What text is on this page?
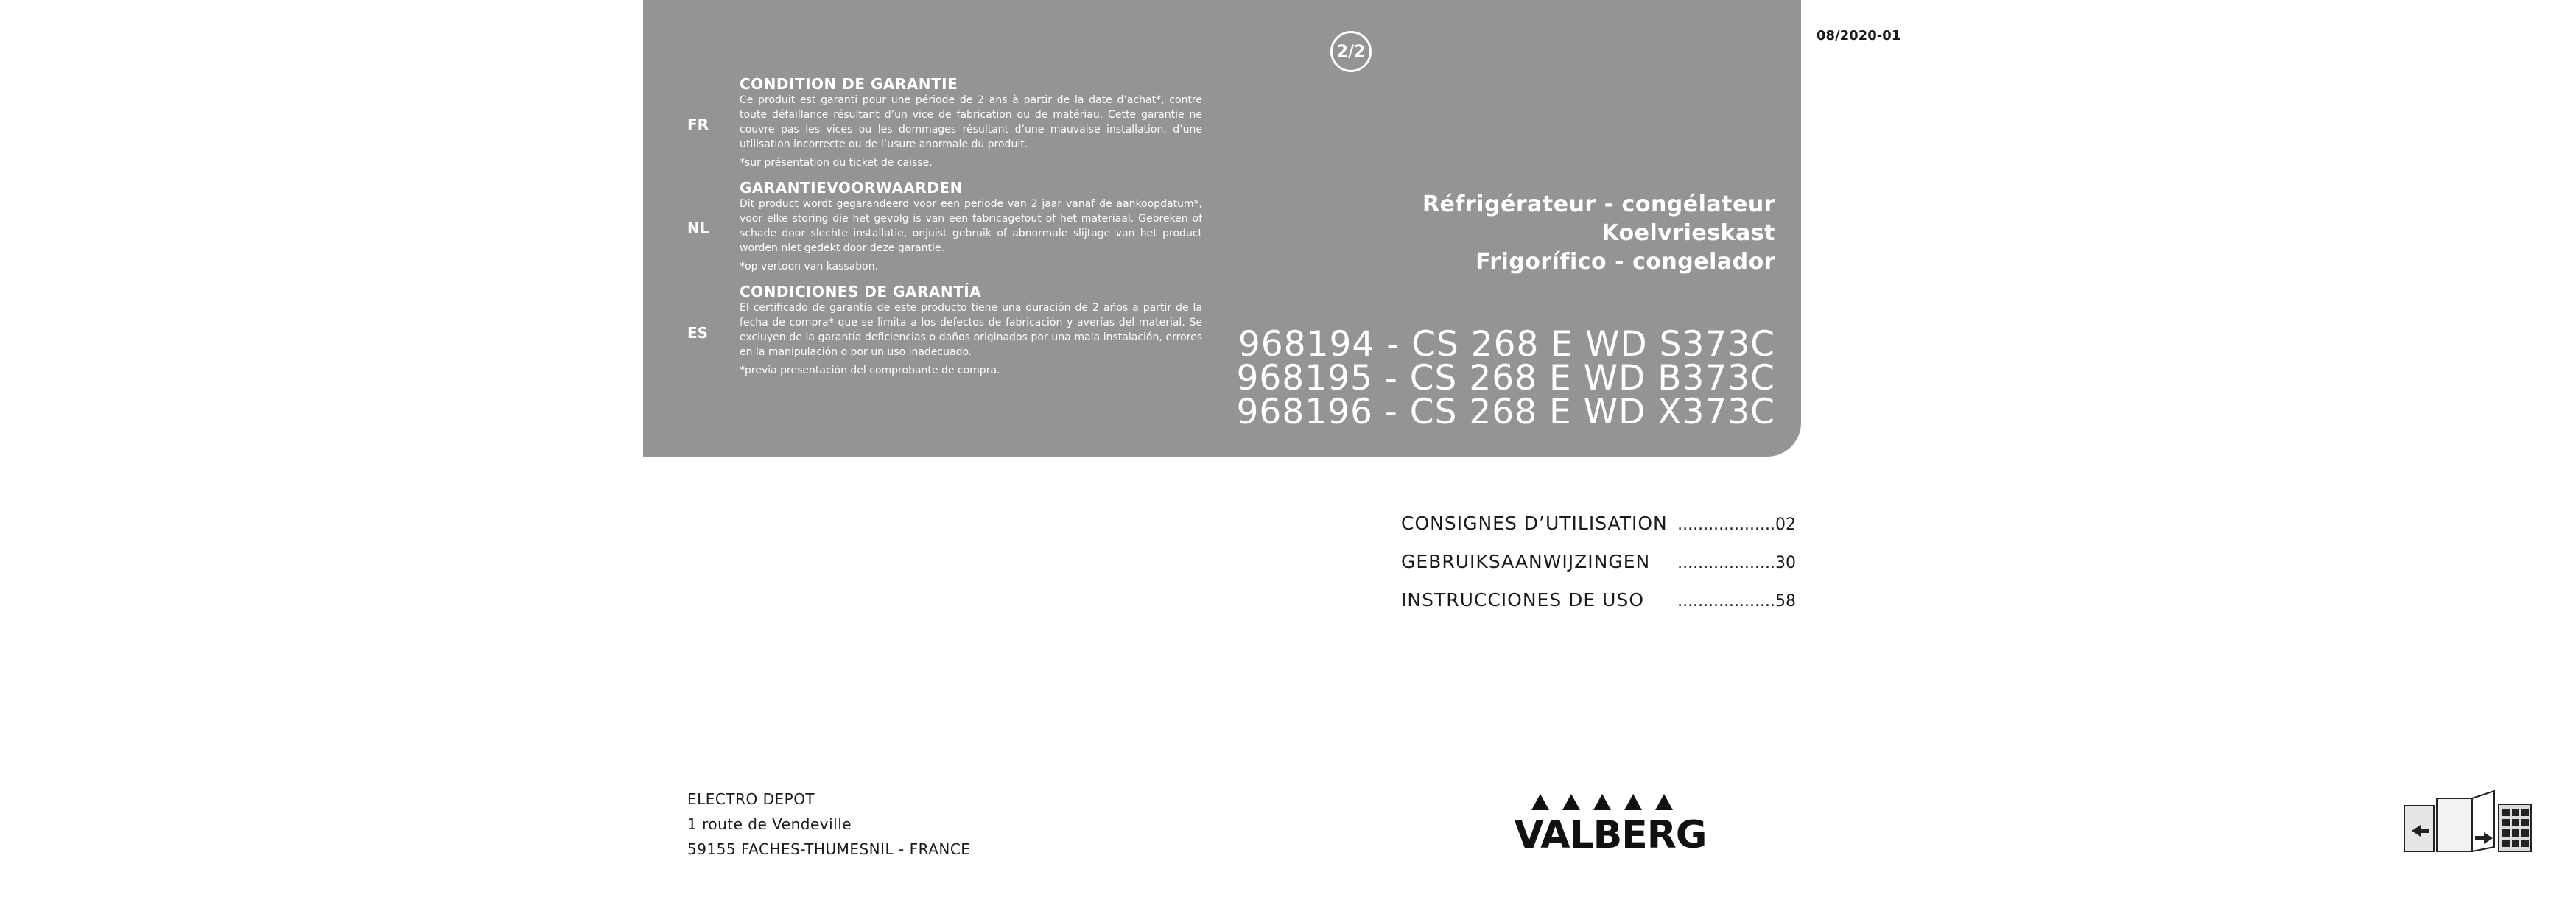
2/2
08/2020-01
FR
CONDITION DE GARANTIE
Ce produit est garanti pour une période de 2 ans à partir de la date d’achat*, contre toute défaillance résultant d’un vice de fabrication ou de matériau. Cette garantie ne couvre pas les vices ou les dommages résultant d’une mauvaise installation, d’une utilisation incorrecte ou de l’usure anormale du produit.
*sur présentation du ticket de caisse.
NL
GARANTIEVOORWAARDEN
Dit product wordt gegarandeerd voor een periode van 2 jaar vanaf de aankoopdatum*, voor elke storing die het gevolg is van een fabricagefout of het materiaal. Gebreken of schade door slechte installatie, onjuist gebruik of abnormale slijtage van het product worden niet gedekt door deze garantie.
*op vertoon van kassabon.
ES
CONDICIONES DE GARANTÍA
El certificado de garantía de este producto tiene una duración de 2 años a partir de la fecha de compra* que se limita a los defectos de fabricación y averías del material. Se excluyen de la garantía deficiencias o daños originados por una mala instalación, errores en la manipulación o por un uso inadecuado.
*previa presentación del comprobante de compra.
Réfrigérateur - congélateur
Koelvrieskast
Frigorífico - congelador
968194 - CS 268 E WD S373C
968195 - CS 268 E WD B373C
968196 - CS 268 E WD X373C
CONSIGNES D’UTILISATION ...................02
GEBRUIKSAANWIJZINGEN ...................30
INSTRUCCIONES DE USO ...................58
ELECTRO DEPOT
1 route de Vendeville
59155 FACHES-THUMESNIL - FRANCE	VALBERG
